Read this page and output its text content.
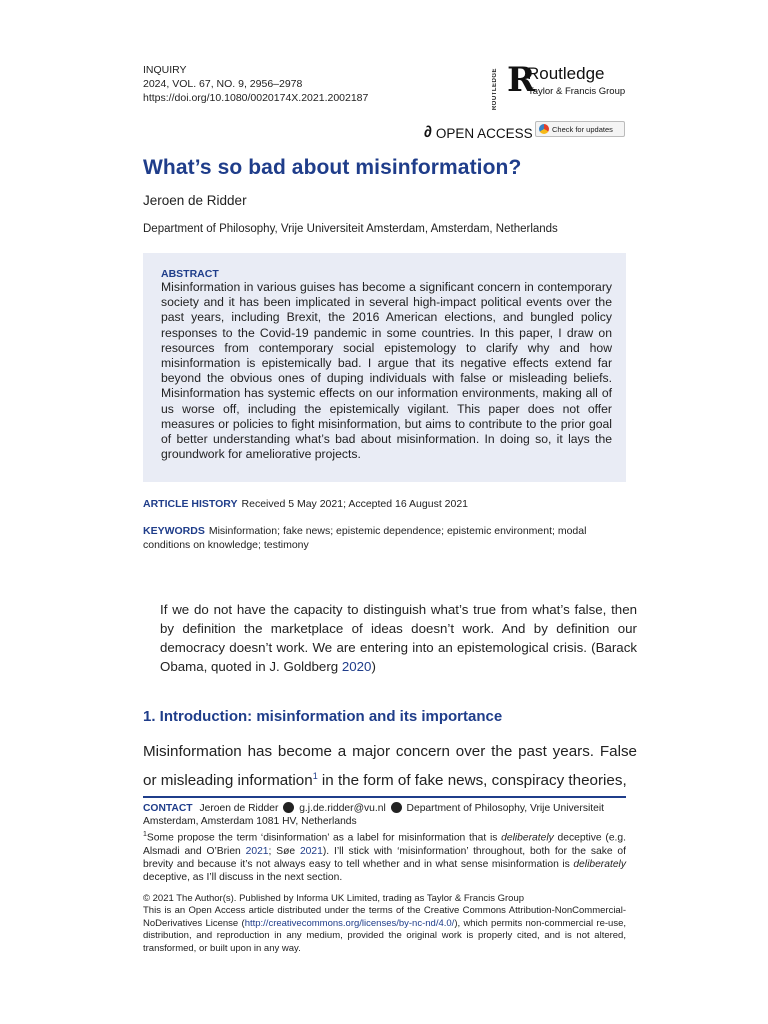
INQUIRY
2024, VOL. 67, NO. 9, 2956–2978
https://doi.org/10.1080/0020174X.2021.2002187	ROUTLEDGE R
Routledge
Taylor & Francis Group
∂ OPEN ACCESS	Check for updates
What’s so bad about misinformation?
Jeroen de Ridder
Department of Philosophy, Vrije Universiteit Amsterdam, Amsterdam, Netherlands
ABSTRACT
Misinformation in various guises has become a significant concern in contemporary society and it has been implicated in several high-impact political events over the past years, including Brexit, the 2016 American elections, and bungled policy responses to the Covid-19 pandemic in some countries. In this paper, I draw on resources from contemporary social epistemology to clarify why and how misinformation is epistemically bad. I argue that its negative effects extend far beyond the obvious ones of duping individuals with false or misleading beliefs. Misinformation has systemic effects on our information environments, making all of us worse off, including the epistemically vigilant. This paper does not offer measures or policies to fight misinformation, but aims to contribute to the prior goal of better understanding what’s bad about misinformation. In doing so, it lays the groundwork for ameliorative projects.
ARTICLE HISTORY Received 5 May 2021; Accepted 16 August 2021
KEYWORDS Misinformation; fake news; epistemic dependence; epistemic environment; modal conditions on knowledge; testimony
If we do not have the capacity to distinguish what’s true from what’s false, then by definition the marketplace of ideas doesn’t work. And by definition our democracy doesn’t work. We are entering into an epistemological crisis. (Barack Obama, quoted in J. Goldberg 2020)
1. Introduction: misinformation and its importance
Misinformation has become a major concern over the past years. False or misleading information$^1$ in the form of fake news, conspiracy theories,
CONTACT Jeroen de Ridder g.j.de.ridder@vu.nl Department of Philosophy, Vrije Universiteit Amsterdam, Amsterdam 1081 HV, Netherlands
$^1$Some propose the term ‘disinformation’ as a label for misinformation that is deliberately deceptive (e.g. Alsmadi and O’Brien 2021; Søe 2021). I’ll stick with ‘misinformation’ throughout, both for the sake of brevity and because it’s not always easy to tell whether and in what sense misinformation is deliberately deceptive, as I’ll discuss in the next section.
© 2021 The Author(s). Published by Informa UK Limited, trading as Taylor & Francis Group
This is an Open Access article distributed under the terms of the Creative Commons Attribution-NonCommercial-NoDerivatives License (http://creativecommons.org/licenses/by-nc-nd/4.0/), which permits non-commercial re-use, distribution, and reproduction in any medium, provided the original work is properly cited, and is not altered, transformed, or built upon in any way.
